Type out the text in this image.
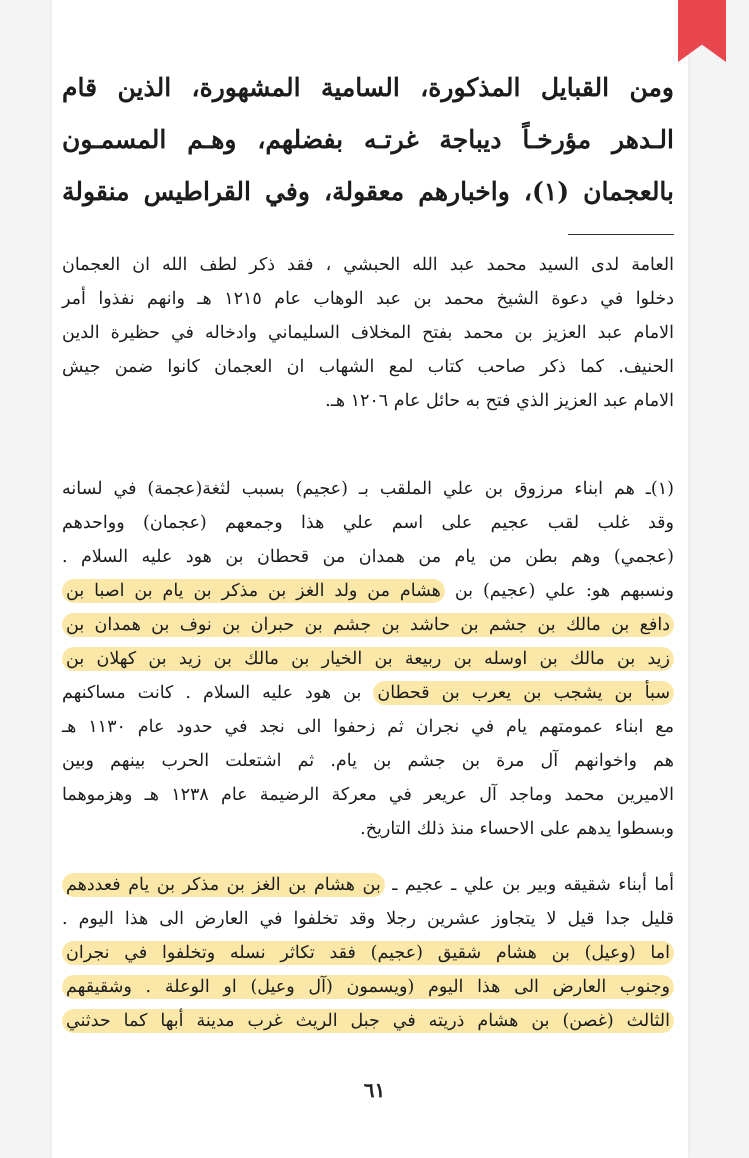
ومن القبايل المذكورة، السامية المشهورة، الذين قام
الـدهر مؤرخـاً ديباجة غرتـه بفضلهم، وهـم المسمـون
بالعجمان (١)، واخبارهم معقولة، وفي القراطيس منقولة
العامة لدى السيد محمد عبد الله الحبشي ، فقد ذكر لطف الله ان العجمان
دخلوا في دعوة الشيخ محمد بن عبد الوهاب عام ١٢١٥ هـ وانهم نفذوا أمر
الامام عبد العزيز بن محمد بفتح المخلاف السليماني وادخاله في حظيرة الدين
الحنيف. كما ذكر صاحب كتاب لمع الشهاب ان العجمان كانوا ضمن جيش
الامام عبد العزيز الذي فتح به حائل عام ١٢٠٦ هـ.
(١)ـ هم ابناء مرزوق بن علي الملقب بـ (عجيم) بسبب لثغة(عجمة) في لسانه
وقد غلب لقب عجيم على اسم علي هذا وجمعهم (عجمان) وواحدهم
(عجمي) وهم بطن من يام من همدان من قحطان بن هود عليه السلام .
ونسبهم هو: علي (عجيم) بن هشام من ولد الغز بن مذكر بن يام بن اصبا بن
دافع بن مالك بن جشم بن حاشد بن جشم بن حبران بن نوف بن همدان بن
زيد بن مالك بن اوسله بن ربيعة بن الخيار بن مالك بن زيد بن كهلان بن
سبأ بن يشجب بن يعرب بن قحطان بن هود عليه السلام . كانت مساكنهم
مع ابناء عمومتهم يام في نجران ثم زحفوا الى نجد في حدود عام ١١٣٠ هـ
هم واخوانهم آل مرة بن جشم بن يام. ثم اشتعلت الحرب بينهم وبين
الاميرين محمد وماجد آل عريعر في معركة الرضيمة عام ١٢٣٨ هـ وهزموهما
وبسطوا يدهم على الاحساء منذ ذلك التاريخ.
أما أبناء شقيقه وبير بن علي ـ عجيم ـ بن هشام بن الغز بن مذكر بن يام فعددهم
قليل جدا قيل لا يتجاوز عشرين رجلا وقد تخلفوا في العارض الى هذا اليوم .
اما (وعيل) بن هشام شقيق (عجيم) فقد تكاثر نسله وتخلفوا في نجران
وجنوب العارض الى هذا اليوم (ويسمون (آل وعيل) او الوعلة . وشقيقهم
الثالث (غصن) بن هشام ذريته في جبل الريث غرب مدينة أبها كما حدثني
٦١
